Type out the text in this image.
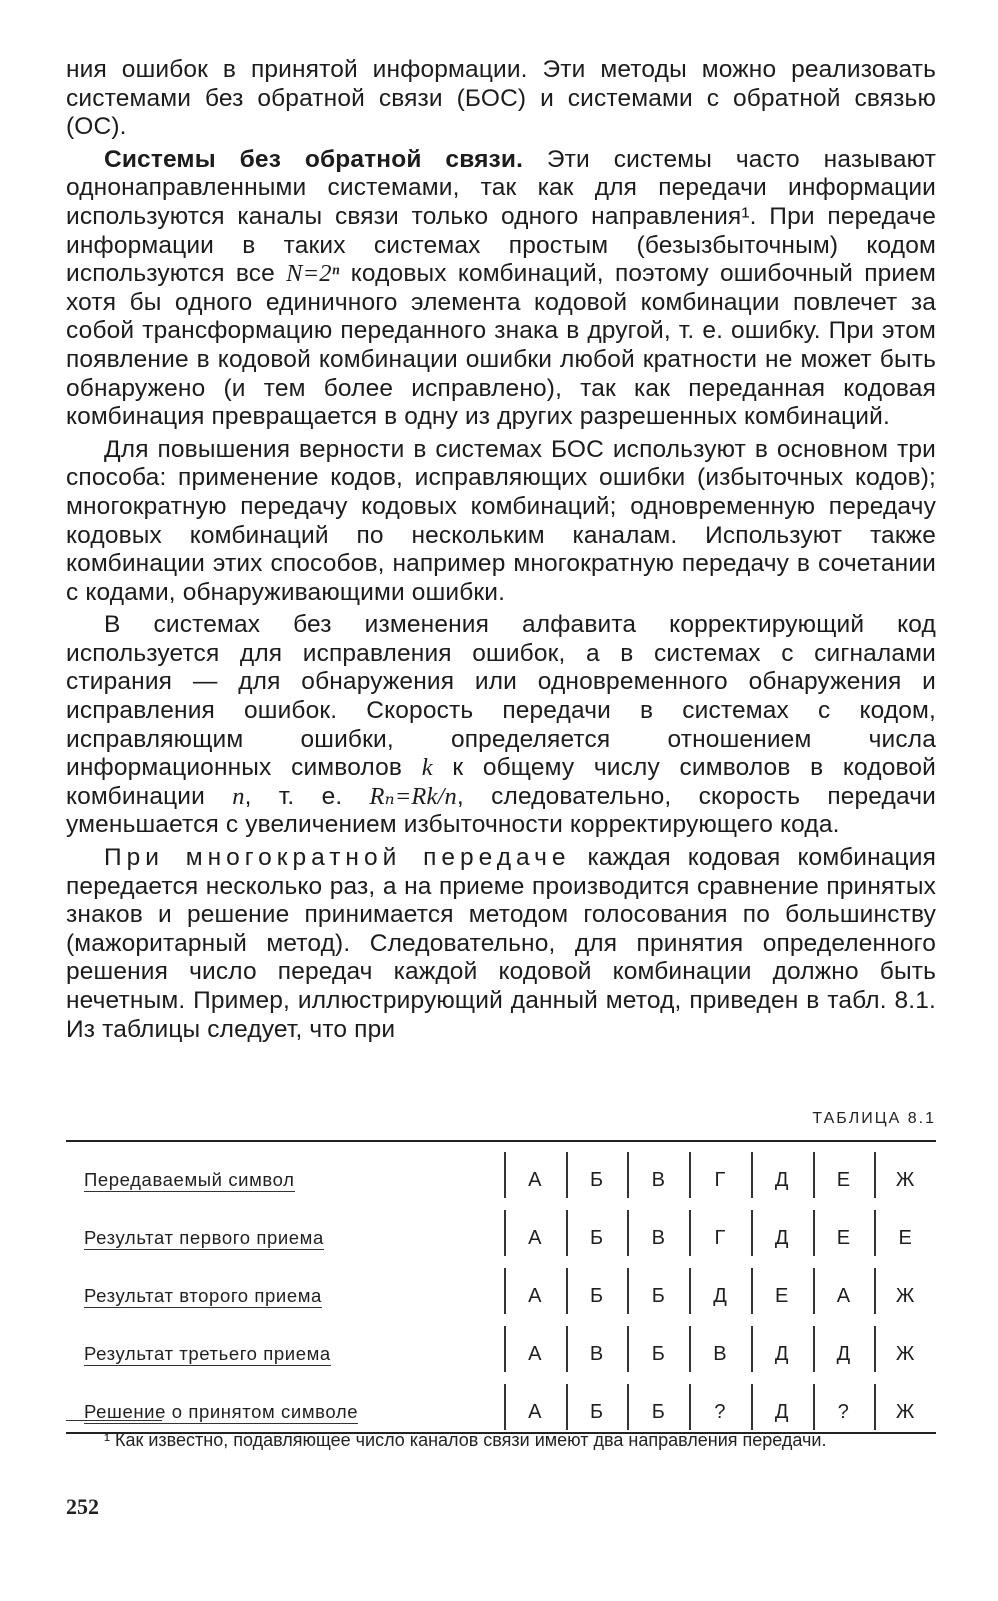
ния ошибок в принятой информации. Эти методы можно реализовать системами без обратной связи (БОС) и системами с обратной связью (ОС).

Системы без обратной связи. Эти системы часто называют однонаправленными системами, так как для передачи информации используются каналы связи только одного направления¹. При передаче информации в таких системах простым (безызбыточным) кодом используются все N=2ⁿ кодовых комбинаций, поэтому ошибочный прием хотя бы одного единичного элемента кодовой комбинации повлечет за собой трансформацию переданного знака в другой, т. е. ошибку. При этом появление в кодовой комбинации ошибки любой кратности не может быть обнаружено (и тем более исправлено), так как переданная кодовая комбинация превращается в одну из других разрешенных комбинаций.

Для повышения верности в системах БОС используют в основном три способа: применение кодов, исправляющих ошибки (избыточных кодов); многократную передачу кодовых комбинаций; одновременную передачу кодовых комбинаций по нескольким каналам. Используют также комбинации этих способов, например многократную передачу в сочетании с кодами, обнаруживающими ошибки.

В системах без изменения алфавита корректирующий код используется для исправления ошибок, а в системах с сигналами стирания — для обнаружения или одновременного обнаружения и исправления ошибок. Скорость передачи в системах с кодом, исправляющим ошибки, определяется отношением числа информационных символов k к общему числу символов в кодовой комбинации n, т. е. Rₙ=Rk/n, следовательно, скорость передачи уменьшается с увеличением избыточности корректирующего кода.

При многократной передаче каждая кодовая комбинация передается несколько раз, а на приеме производится сравнение принятых знаков и решение принимается методом голосования по большинству (мажоритарный метод). Следовательно, для принятия определенного решения число передач каждой кодовой комбинации должно быть нечетным. Пример, иллюстрирующий данный метод, приведен в табл. 8.1. Из таблицы следует, что при

ТАБЛИЦА 8.1
Передаваемый символ	А	Б	В	Г	Д	Е	Ж
Результат первого приема	А	Б	В	Г	Д	Е	Е
Результат второго приема	А	Б	Б	Д	Е	А	Ж
Результат третьего приема	А	В	Б	В	Д	Д	Ж
Решение о принятом символе	А	Б	Б	?	Д	?	Ж
¹ Как известно, подавляющее число каналов связи имеют два направления передачи.
252
